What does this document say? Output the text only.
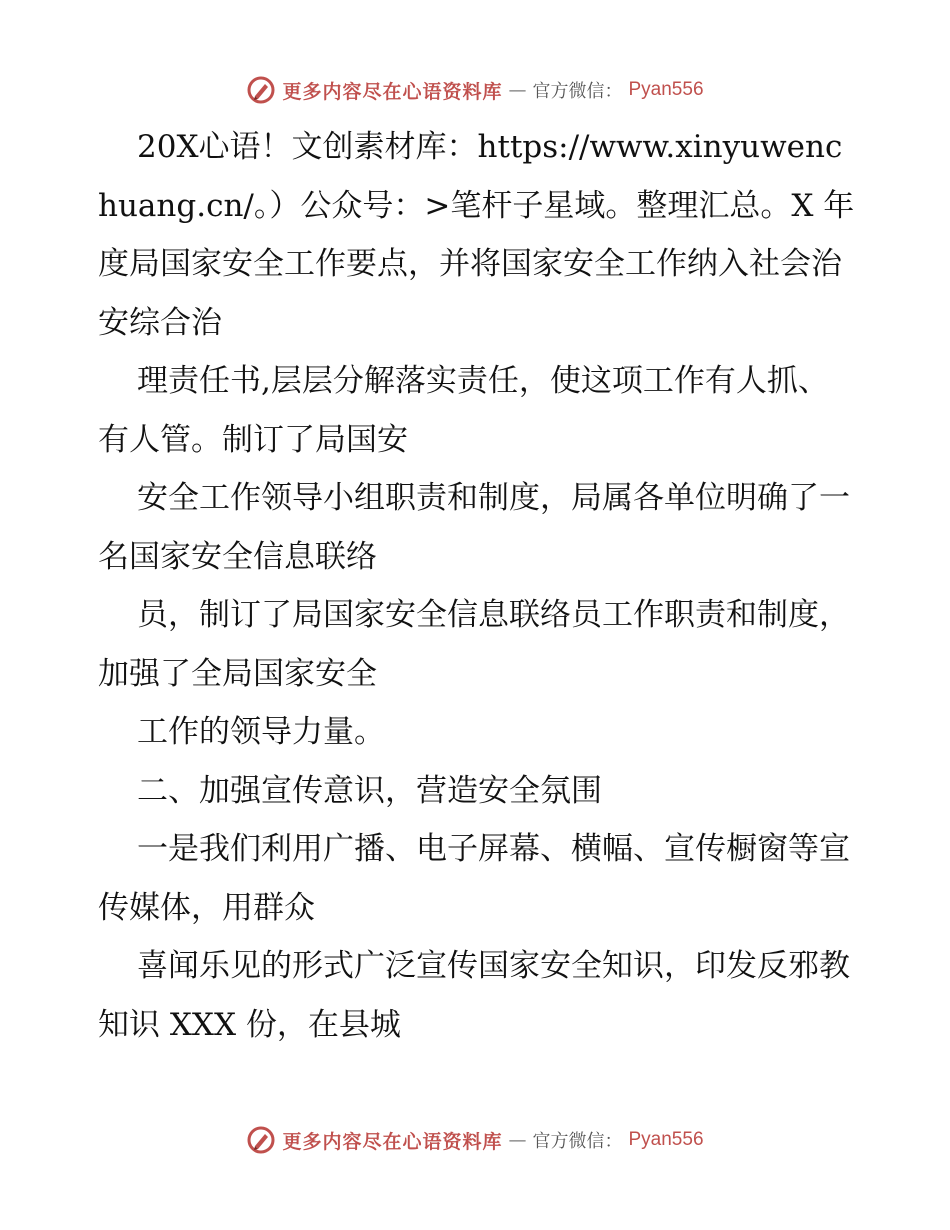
更多内容尽在心语资料库 — 官方微信： Pyan556

20X心语！文创素材库：https://www.xinyuwenchuang.cn/。）公众号：>笔杆子星域。整理汇总。X 年度局国家安全工作要点，并将国家安全工作纳入社会治安综合治

理责任书,层层分解落实责任，使这项工作有人抓、有人管。制订了局国安

安全工作领导小组职责和制度，局属各单位明确了一名国家安全信息联络

员，制订了局国家安全信息联络员工作职责和制度，加强了全局国家安全

工作的领导力量。

二、加强宣传意识，营造安全氛围

一是我们利用广播、电子屏幕、横幅、宣传橱窗等宣传媒体，用群众

喜闻乐见的形式广泛宣传国家安全知识，印发反邪教知识 XXX 份，在县城

更多内容尽在心语资料库 — 官方微信： Pyan556
